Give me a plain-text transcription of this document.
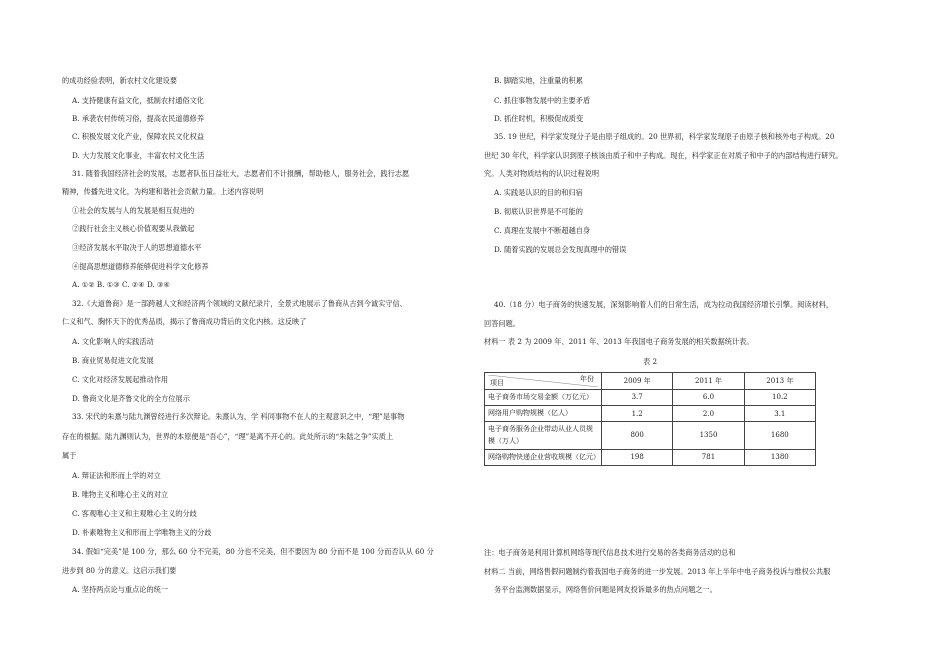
的成功经验表明，新农村文化建设要
A. 支持健康有益文化，抵制农村通俗文化
B. 承袭农村传统习俗，提高农民道德修养
C. 积极发展文化产业，保障农民文化权益
D. 大力发展文化事业，丰富农村文化生活
31. 随着我国经济社会的发展，志愿者队伍日益壮大，志愿者们不计报酬，帮助他人，服务社会，践行志愿
精神，传播先进文化，为构建和谐社会贡献力量。上述内容说明
①社会的发展与人的发展是相互促进的
②践行社会主义核心价值观要从我做起
③经济发展水平取决于人的思想道德水平
④提高思想道德修养能够促进科学文化修养
A. ①② B. ①③ C. ②④ D. ③④
32.《大道鲁商》是一部跨越人文和经济两个领域的文献纪录片，全景式地展示了鲁商从古到今诚实守信、
仁义和气、胸怀天下的优秀品质，揭示了鲁商成功背后的文化内核。这反映了
A. 文化影响人的实践活动
B. 商业贸易促进文化发展
C. 文化对经济发展起推动作用
D. 鲁商文化是齐鲁文化的全方位展示
33. 宋代的朱熹与陆九渊曾经进行多次辩论。朱熹认为，学 科同事物不在人的主观意识之中，“理”是事物
存在的根据。陆九渊则认为，世界的本原便是“吾心”，“理”是离不开心的。此处所示的“朱陆之争”实质上
属于
A. 辩证法和形而上学的对立
B. 唯物主义和唯心主义的对立
C. 客观唯心主义和主观唯心主义的分歧
D. 朴素唯物主义和形而上学唯物主义的分歧
34. 假如“完美”是 100 分，那么 60 分不完美，80 分也不完美，但不要因为 80 分而不是 100 分而否认从 60 分
进步到 80 分的意义。这启示我们要
A. 坚持两点论与重点论的统一
B. 脚踏实地，注重量的积累
C. 抓住事物发展中的主要矛盾
D. 抓住时机，积极促成质变
35. 19 世纪，科学家发现分子是由原子组成的。20 世界初，科学家发现原子由原子核和核外电子构成。20
世纪 30 年代，科学家认识到原子核该由质子和中子构成。现在，科学家正在对质子和中子的内部结构进行研究。
究。人类对物质结构的认识过程说明
A. 实践是认识的目的和归宿
B. 彻底认识世界是不可能的
C. 真理在发展中不断超越自身
D. 随着实践的发展总会发现真理中的错误
40.（18 分）电子商务的快速发展，深刻影响着人们的日常生活，成为拉动我国经济增长引擎。阅读材料，
回答问题。
材料一 表 2 为 2009 年、2011 年、2013 年我国电子商务发展的相关数据统计表。
表 2
项目 年份	2009 年	2011 年	2013 年
电子商务市场交易金额（万亿元）	3.7	6.0	10.2
网络用户购物规模（亿人）	1.2	2.0	3.1
电子商务服务企业带动从业人员规模（万人）	800	1350	1680
网络购物快递企业营收规模（亿元）	198	781	1380
注：电子商务是利用计算机网络等现代信息技术进行交易的各类商务活动的总和
材料二 当前，网络售假问题制约着我国电子商务的进一步发展。2013 年上半年中电子商务投诉与维权公共服
务平台监测数据显示，网络售价问题是网友投诉最多的热点问题之一。
